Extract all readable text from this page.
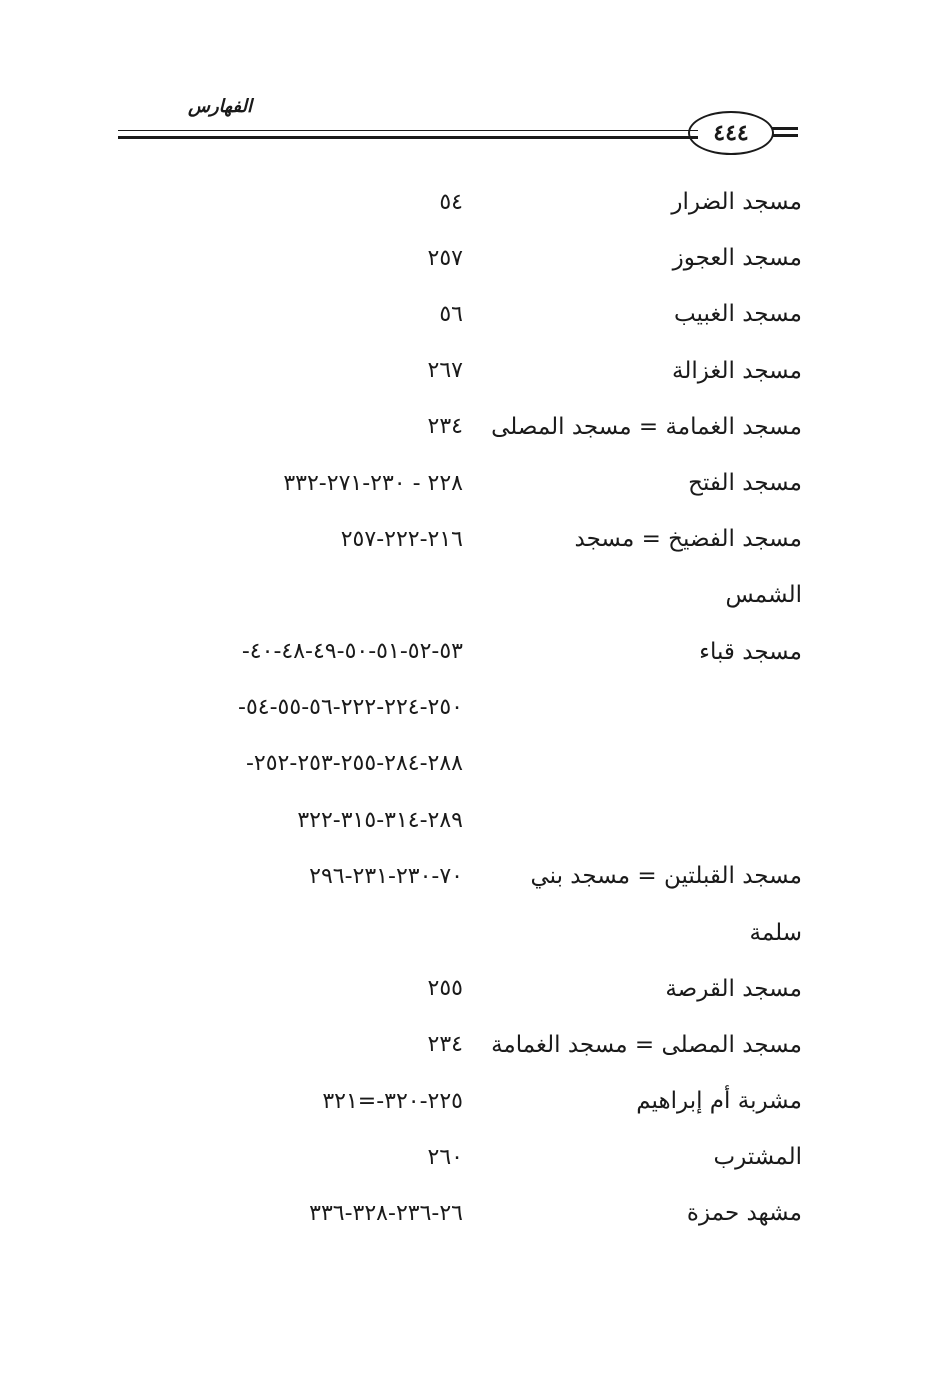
الفهارس
٤٤٤
مسجد الضرار
٥٤
مسجد العجوز
٢٥٧
مسجد الغبيب
٥٦
مسجد الغزالة
٢٦٧
مسجد الغمامة = مسجد المصلى
٢٣٤
مسجد الفتح
٢٢٨ - ٢٣٠-٢٧١-٣٣٢
مسجد الفضيخ = مسجد
٢١٦-٢٢٢-٢٥٧
الشمس
مسجد قباء
٥٣-٥٢-٥١-٥٠-٤٩-٤٨-٤٠-
٢٥٠-٢٢٤-٢٢٢-٥٦-٥٥-٥٤-
٢٨٨-٢٨٤-٢٥٥-٢٥٣-٢٥٢-
٢٨٩-٣١٤-٣١٥-٣٢٢
مسجد القبلتين = مسجد بني
٧٠-٢٣٠-٢٣١-٢٩٦
سلمة
مسجد القرصة
٢٥٥
مسجد المصلى = مسجد الغمامة
٢٣٤
مشربة أم إبراهيم
٢٢٥-٣٢٠-=٣٢١
المشترب
٢٦٠
مشهد حمزة
٢٦-٢٣٦-٣٢٨-٣٣٦
